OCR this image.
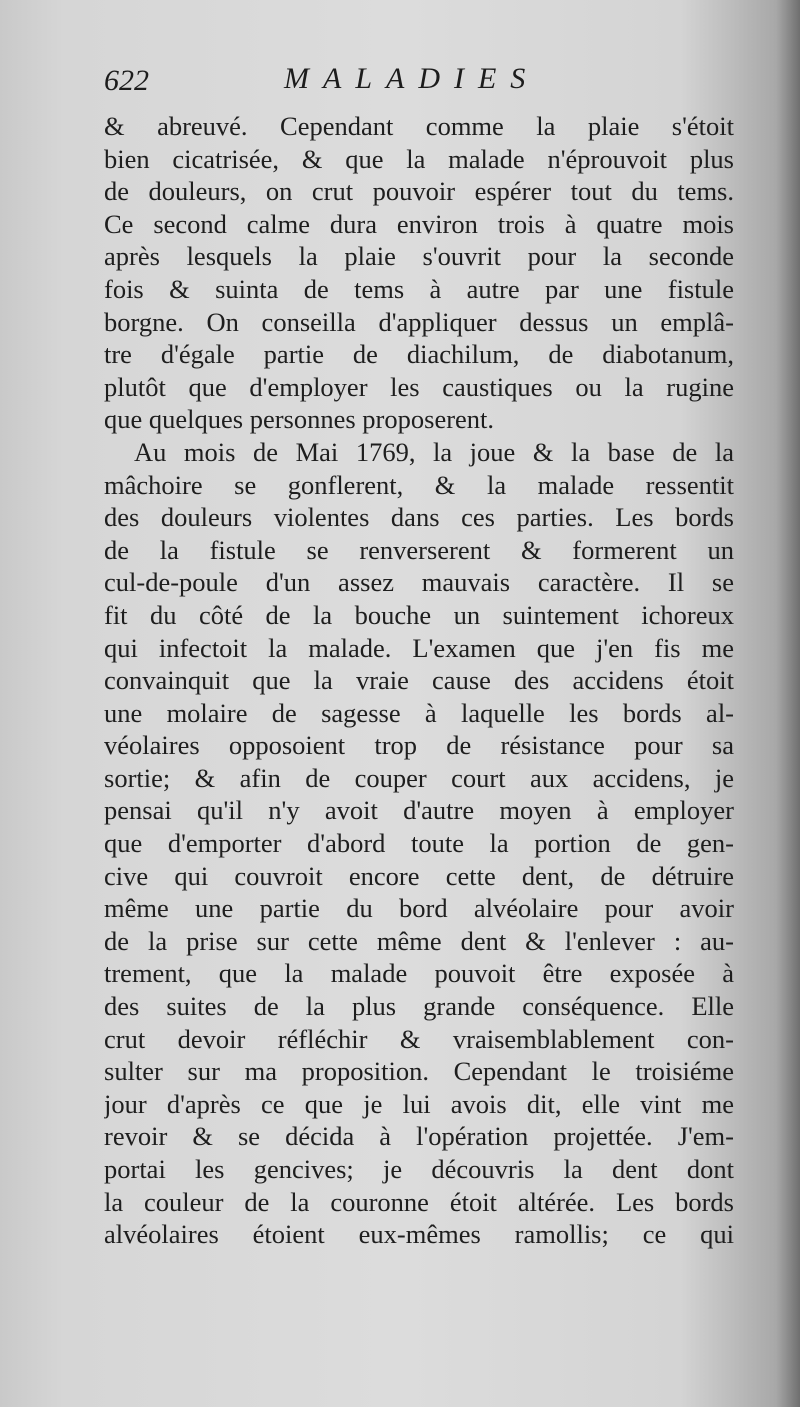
622	MALADIES
& abreuvé. Cependant comme la plaie s'étoit
bien cicatrisée, & que la malade n'éprouvoit plus
de douleurs, on crut pouvoir espérer tout du tems.
Ce second calme dura environ trois à quatre mois
après lesquels la plaie s'ouvrit pour la seconde
fois & suinta de tems à autre par une fistule
borgne. On conseilla d'appliquer dessus un emplâ-
tre d'égale partie de diachilum, de diabotanum,
plutôt que d'employer les caustiques ou la rugine
que quelques personnes proposerent.
Au mois de Mai 1769, la joue & la base de la
mâchoire se gonflerent, & la malade ressentit
des douleurs violentes dans ces parties. Les bords
de la fistule se renverserent & formerent un
cul-de-poule d'un assez mauvais caractère. Il se
fit du côté de la bouche un suintement ichoreux
qui infectoit la malade. L'examen que j'en fis me
convainquit que la vraie cause des accidens étoit
une molaire de sagesse à laquelle les bords al-
véolaires opposoient trop de résistance pour sa
sortie; & afin de couper court aux accidens, je
pensai qu'il n'y avoit d'autre moyen à employer
que d'emporter d'abord toute la portion de gen-
cive qui couvroit encore cette dent, de détruire
même une partie du bord alvéolaire pour avoir
de la prise sur cette même dent & l'enlever : au-
trement, que la malade pouvoit être exposée à
des suites de la plus grande conséquence. Elle
crut devoir réfléchir & vraisemblablement con-
sulter sur ma proposition. Cependant le troisiéme
jour d'après ce que je lui avois dit, elle vint me
revoir & se décida à l'opération projettée. J'em-
portai les gencives; je découvris la dent dont
la couleur de la couronne étoit altérée. Les bords
alvéolaires étoient eux-mêmes ramollis; ce qui
